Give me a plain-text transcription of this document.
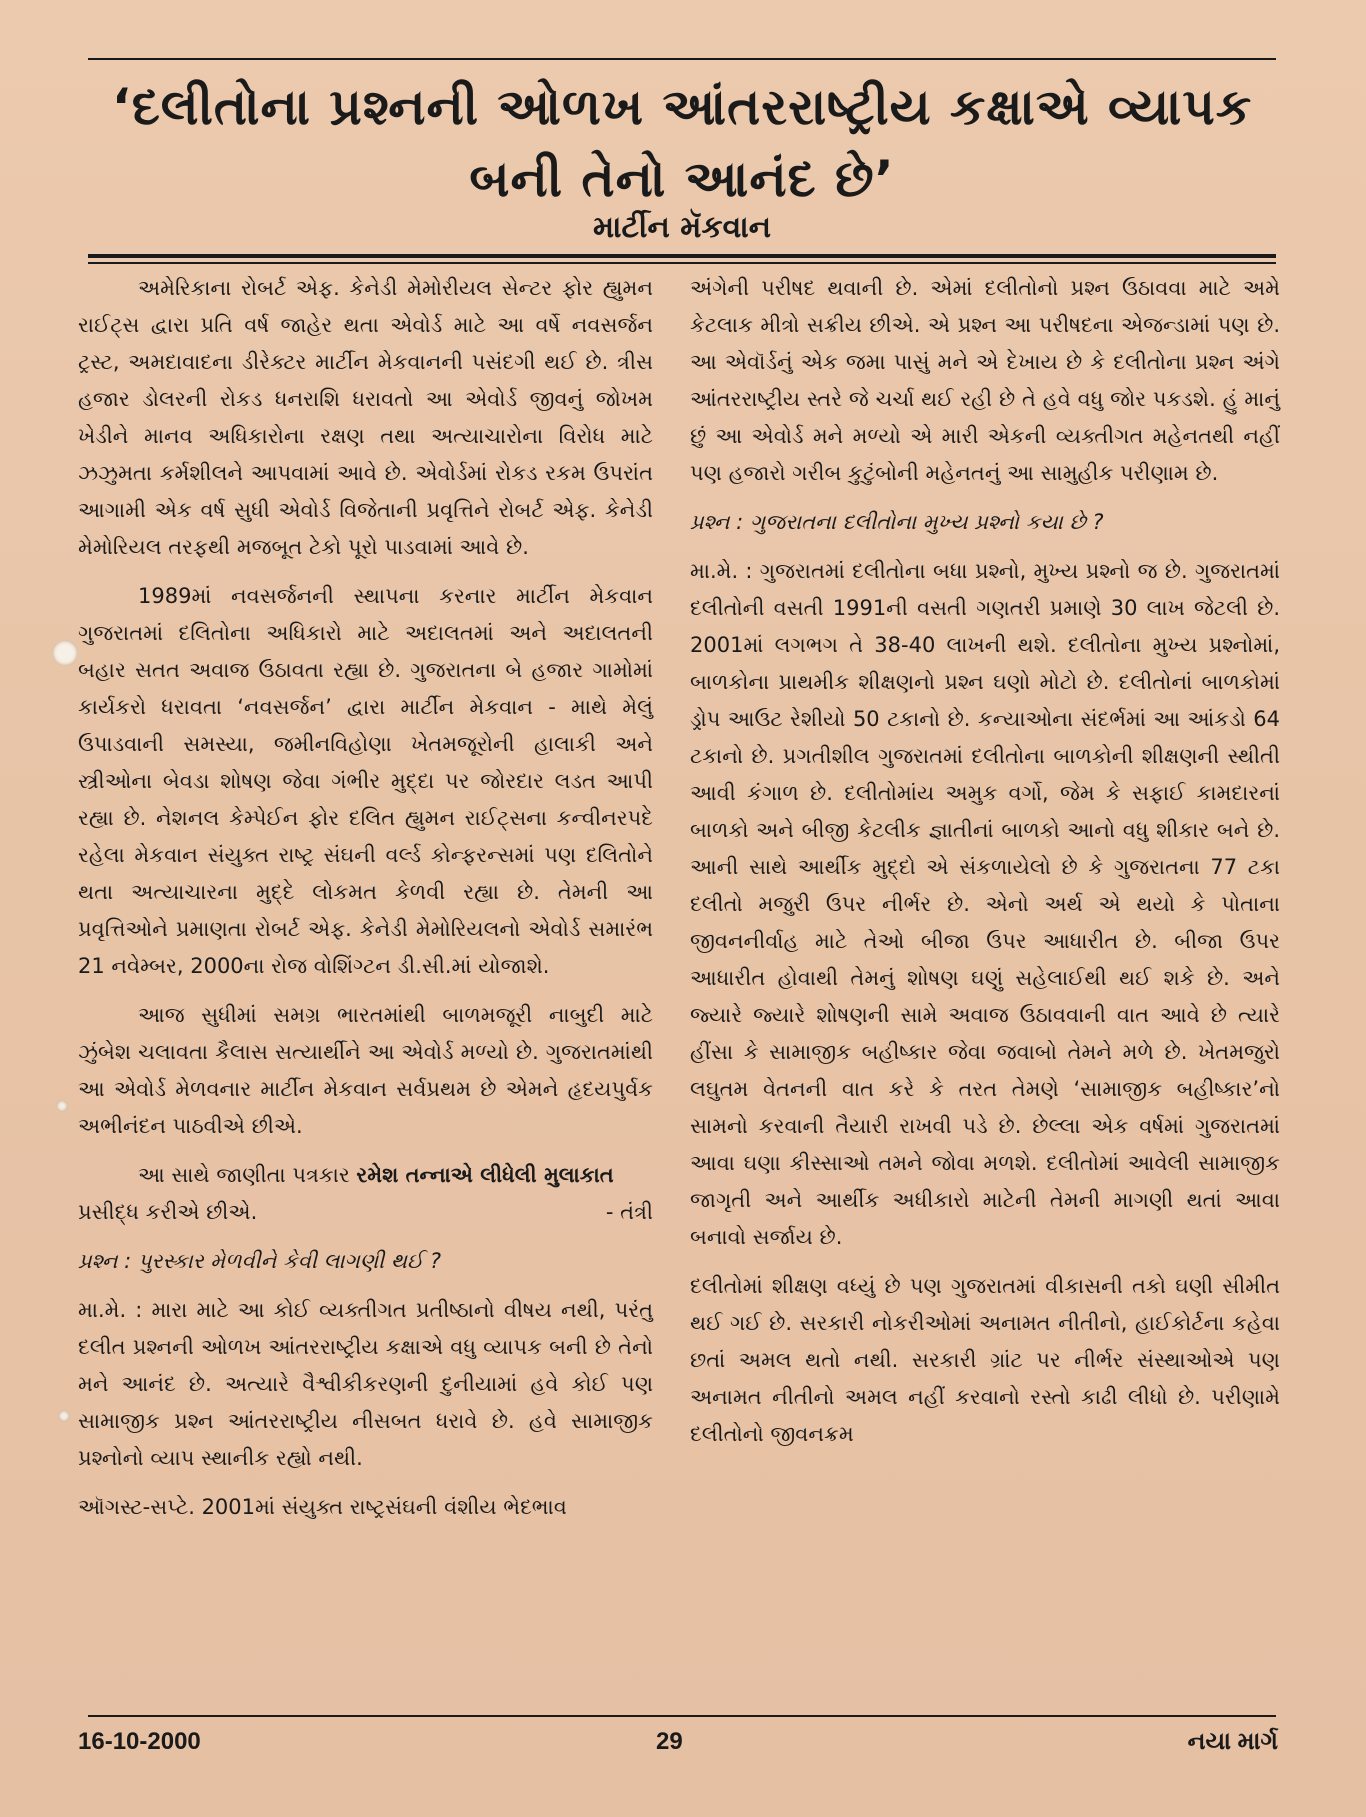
‘દલીતોના પ્રશ્નની ઓળખ આંતરરાષ્ટ્રીય કક્ષાએ વ્યાપક
બની તેનો આનંદ છે’
માર્ટીન મૅકવાન

અમેરિકાના રોબર્ટ એફ. કેનેડી મેમોરીયલ સેન્ટર ફોર હ્યુમન રાઈટ્સ દ્વારા પ્રતિ વર્ષ જાહેર થતા એવોર્ડ માટે આ વર્ષે નવસર્જન ટ્રસ્ટ, અમદાવાદના ડીરેક્ટર માર્ટીન મેકવાનની પસંદગી થઈ છે. ત્રીસ હજાર ડોલરની રોકડ ધનરાશિ ધરાવતો આ એવોર્ડ જીવનું જોખમ ખેડીને માનવ અધિકારોના રક્ષણ તથા અત્યાચારોના વિરોધ માટે ઝઝુમતા કર્મશીલને આપવામાં આવે છે. એવોર્ડમાં રોકડ રકમ ઉપરાંત આગામી એક વર્ષ સુધી એવોર્ડ વિજેતાની પ્રવૃત્તિને રોબર્ટ એફ. કેનેડી મેમોરિયલ તરફથી મજબૂત ટેકો પૂરો પાડવામાં આવે છે.

1989માં નવસર્જનની સ્થાપના કરનાર માર્ટીન મેકવાન ગુજરાતમાં દલિતોના અધિકારો માટે અદાલતમાં અને અદાલતની બહાર સતત અવાજ ઉઠાવતા રહ્યા છે. ગુજરાતના બે હજાર ગામોમાં કાર્યકરો ધરાવતા ‘નવસર્જન’ દ્વારા માર્ટીન મેકવાન - માથે મેલું ઉપાડવાની સમસ્યા, જમીનવિહોણા ખેતમજૂરોની હાલાકી અને સ્ત્રીઓના બેવડા શોષણ જેવા ગંભીર મુદ્દા પર જોરદાર લડત આપી રહ્યા છે. નેશનલ કેમ્પેઈન ફોર દલિત હ્યુમન રાઈટ્સના કન્વીનરપદે રહેલા મેકવાન સંયુક્ત રાષ્ટ્ર સંઘની વર્લ્ડ કોન્ફરન્સમાં પણ દલિતોને થતા અત્યાચારના મુદ્દે લોકમત કેળવી રહ્યા છે. તેમની આ પ્રવૃત્તિઓને પ્રમાણતા રોબર્ટ એફ. કેનેડી મેમોરિયલનો એવોર્ડ સમારંભ 21 નવેમ્બર, 2000ના રોજ વોશિંગ્ટન ડી.સી.માં યોજાશે.

આજ સુધીમાં સમગ્ર ભારતમાંથી બાળમજૂરી નાબુદી માટે ઝુંબેશ ચલાવતા કૈલાસ સત્યાર્થીને આ એવોર્ડ મળ્યો છે. ગુજરાતમાંથી આ એવોર્ડ મેળવનાર માર્ટીન મેકવાન સર્વપ્રથમ છે એમને હૃદયપુર્વક અભીનંદન પાઠવીએ છીએ.

આ સાથે જાણીતા પત્રકાર રમેશ તન્નાએ લીધેલી મુલાકાત

પ્રસીદ્ધ કરીએ છીએ.	- તંત્રી

પ્રશ્ન : પુરસ્કાર મેળવીને કેવી લાગણી થઈ ?

મા.મે. : મારા માટે આ કોઈ વ્યક્તીગત પ્રતીષ્ઠાનો વીષય નથી, પરંતુ દલીત પ્રશ્નની ઓળખ આંતરરાષ્ટ્રીય કક્ષાએ વધુ વ્યાપક બની છે તેનો મને આનંદ છે. અત્યારે વૈશ્વીકીકરણની દુનીયામાં હવે કોઈ પણ સામાજીક પ્રશ્ન આંતરરાષ્ટ્રીય નીસબત ધરાવે છે. હવે સામાજીક પ્રશ્નોનો વ્યાપ સ્થાનીક રહ્યો નથી.

ઑગસ્ટ-સપ્ટે. 2001માં સંયુક્ત રાષ્ટ્રસંઘની વંશીય ભેદભાવ

અંગેની પરીષદ થવાની છે. એમાં દલીતોનો પ્રશ્ન ઉઠાવવા માટે અમે કેટલાક મીત્રો સક્રીય છીએ. એ પ્રશ્ન આ પરીષદના એજન્ડામાં પણ છે. આ એવૉર્ડનું એક જમા પાસું મને એ દેખાય છે કે દલીતોના પ્રશ્ન અંગે આંતરરાષ્ટ્રીય સ્તરે જે ચર્ચા થઈ રહી છે તે હવે વધુ જોર પકડશે. હું માનું છું આ એવોર્ડ મને મળ્યો એ મારી એકની વ્યક્તીગત મહેનતથી નહીં પણ હજારો ગરીબ કુટુંબોની મહેનતનું આ સામુહીક પરીણામ છે.

પ્રશ્ન : ગુજરાતના દલીતોના મુખ્ય પ્રશ્નો કયા છે ?

મા.મે. : ગુજરાતમાં દલીતોના બધા પ્રશ્નો, મુખ્ય પ્રશ્નો જ છે. ગુજરાતમાં દલીતોની વસતી 1991ની વસતી ગણતરી પ્રમાણે 30 લાખ જેટલી છે. 2001માં લગભગ તે 38-40 લાખની થશે. દલીતોના મુખ્ય પ્રશ્નોમાં, બાળકોના પ્રાથમીક શીક્ષણનો પ્રશ્ન ઘણો મોટો છે. દલીતોનાં બાળકોમાં ડ્રોપ આઉટ રેશીયો 50 ટકાનો છે. કન્યાઓના સંદર્ભમાં આ આંકડો 64 ટકાનો છે. પ્રગતીશીલ ગુજરાતમાં દલીતોના બાળકોની શીક્ષણની સ્થીતી આવી કંગાળ છે. દલીતોમાંય અમુક વર્ગો, જેમ કે સફાઈ કામદારનાં બાળકો અને બીજી કેટલીક જ્ઞાતીનાં બાળકો આનો વધુ શીકાર બને છે. આની સાથે આર્થીક મુદ્દો એ સંકળાયેલો છે કે ગુજરાતના 77 ટકા દલીતો મજુરી ઉપર નીર્ભર છે. એનો અર્થ એ થયો કે પોતાના જીવનનીર્વાહ માટે તેઓ બીજા ઉપર આધારીત છે. બીજા ઉપર આધારીત હોવાથી તેમનું શોષણ ઘણું સહેલાઈથી થઈ શકે છે. અને જ્યારે જ્યારે શોષણની સામે અવાજ ઉઠાવવાની વાત આવે છે ત્યારે હીંસા કે સામાજીક બહીષ્કાર જેવા જવાબો તેમને મળે છે. ખેતમજુરો લઘુતમ વેતનની વાત કરે કે તરત તેમણે ‘સામાજીક બહીષ્કાર’નો સામનો કરવાની તૈયારી રાખવી પડે છે. છેલ્લા એક વર્ષમાં ગુજરાતમાં આવા ઘણા કીસ્સાઓ તમને જોવા મળશે. દલીતોમાં આવેલી સામાજીક જાગૃતી અને આર્થીક અધીકારો માટેની તેમની માગણી થતાં આવા બનાવો સર્જાય છે.

દલીતોમાં શીક્ષણ વધ્યું છે પણ ગુજરાતમાં વીકાસની તકો ઘણી સીમીત થઈ ગઈ છે. સરકારી નોકરીઓમાં અનામત નીતીનો, હાઈકોર્ટના કહેવા છતાં અમલ થતો નથી. સરકારી ગ્રાંટ પર નીર્ભર સંસ્થાઓએ પણ અનામત નીતીનો અમલ નહીં કરવાનો રસ્તો કાઢી લીધો છે. પરીણામે દલીતોનો જીવનક્રમ

16-10-2000	29	નયા માર્ગ
